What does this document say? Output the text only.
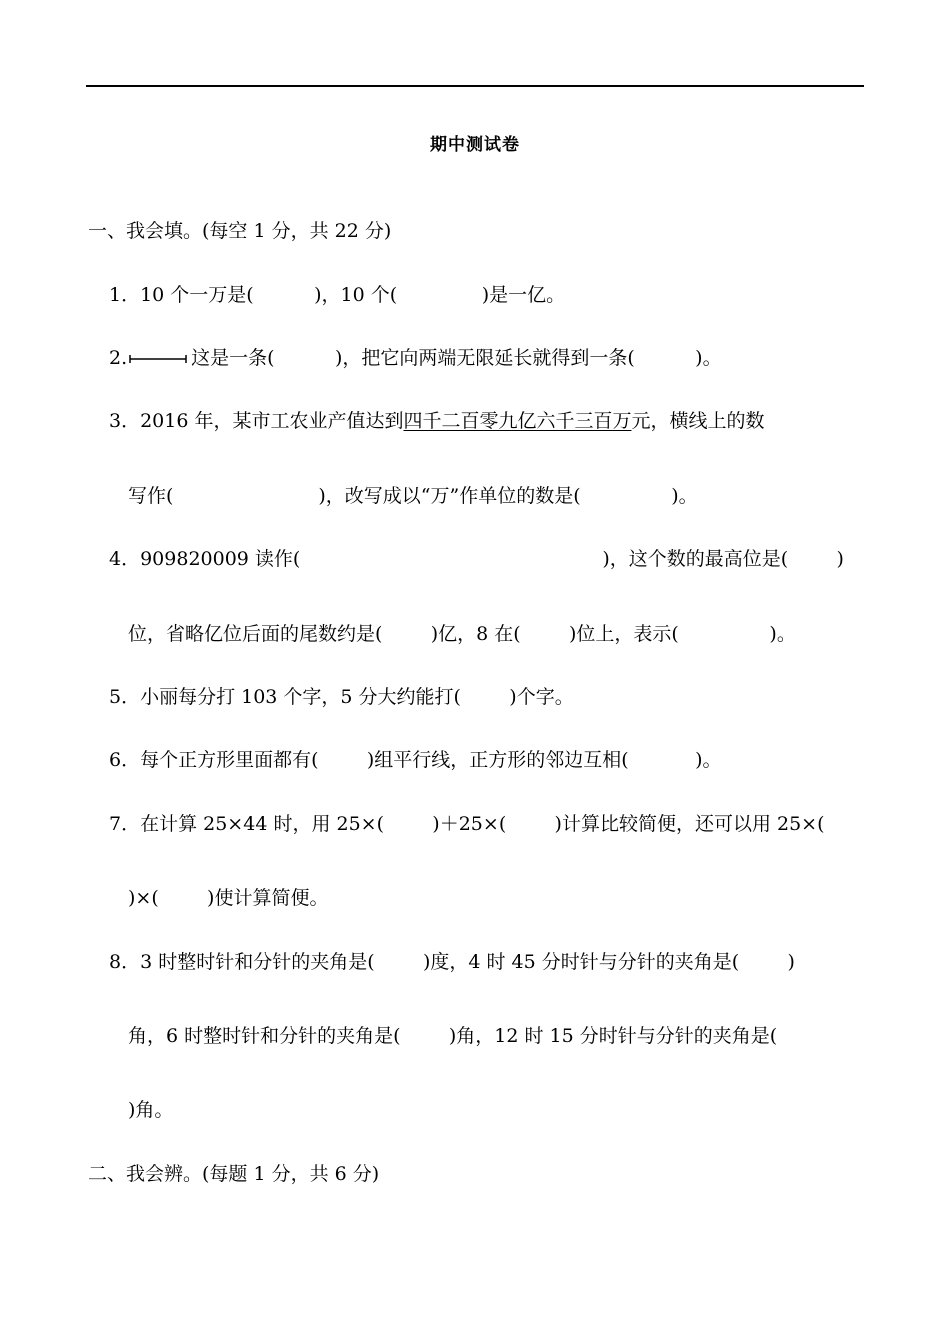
期中测试卷
一、我会填。(每空 1 分，共 22 分)
1．10 个一万是(          )，10 个(              )是一亿。
2.	这是一条(          )，把它向两端无限延长就得到一条(          )。
3．2016 年，某市工农业产值达到四千二百零九亿六千三百万元，横线上的数
写作(                        )，改写成以“万”作单位的数是(               )。
4．909820009 读作(                                                  )，这个数的最高位是(        )
位，省略亿位后面的尾数约是(        )亿，8 在(        )位上，表示(               )。
5．小丽每分打 103 个字，5 分大约能打(        )个字。
6．每个正方形里面都有(        )组平行线，正方形的邻边互相(           )。
7．在计算 25×44 时，用 25×(        )＋25×(        )计算比较简便，还可以用 25×(
)×(        )使计算简便。
8．3 时整时针和分针的夹角是(        )度，4 时 45 分时针与分针的夹角是(        )
角，6 时整时针和分针的夹角是(        )角，12 时 15 分时针与分针的夹角是(
)角。
二、我会辨。(每题 1 分，共 6 分)
